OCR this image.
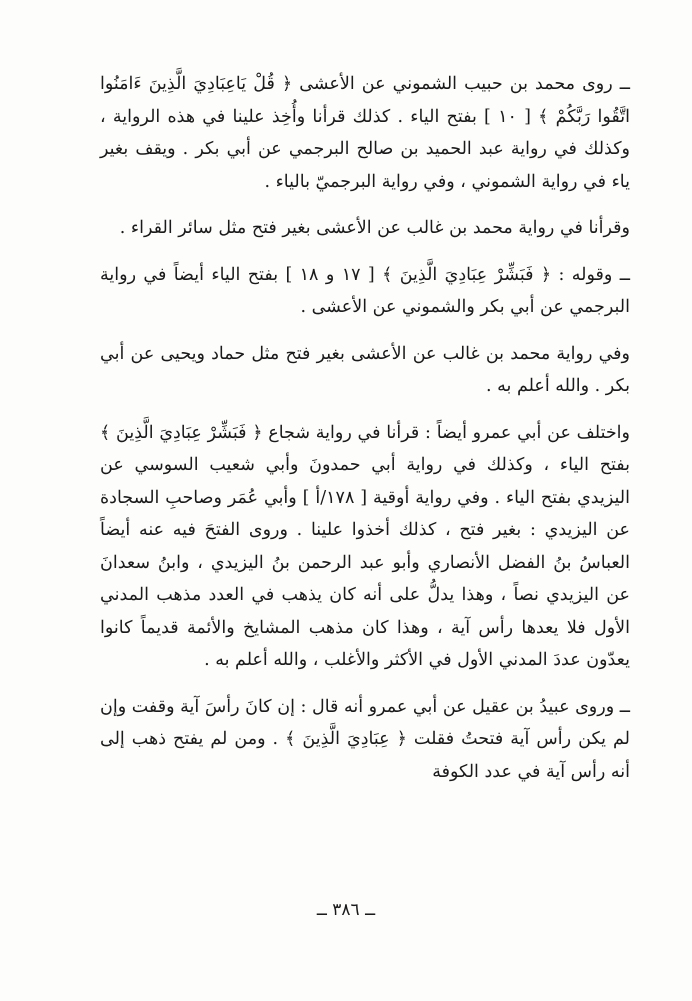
ــ روى محمد بن حبيب الشموني عن الأعشى ﴿ قُلْ يَاعِبَادِيَ الَّذِينَ ءَامَنُوا اتَّقُوا رَبَّكُمْ ﴾ [ ١٠ ] بفتح الياء . كذلك قرأنا وأُخِذ علينا في هذه الرواية ، وكذلك في رواية عبد الحميد بن صالح البرجمي عن أبي بكر . ويقف بغير ياء في رواية الشموني ، وفي رواية البرجميّ بالياء .

وقرأنا في رواية محمد بن غالب عن الأعشى بغير فتح مثل سائر القراء .

ــ وقوله : ﴿ فَبَشِّرْ عِبَادِيَ الَّذِينَ ﴾ [ ١٧ و ١٨ ] بفتح الياء أيضاً في رواية البرجمي عن أبي بكر والشموني عن الأعشى .

وفي رواية محمد بن غالب عن الأعشى بغير فتح مثل حماد ويحيى عن أبي بكر . والله أعلم به .

واختلف عن أبي عمرو أيضاً : قرأنا في رواية شجاع ﴿ فَبَشِّرْ عِبَادِيَ الَّذِينَ ﴾ بفتح الياء ، وكذلك في رواية أبي حمدونَ وأبي شعيب السوسي عن اليزيدي بفتح الياء . وفي رواية أوقية [ ١٧٨/أ ] وأبي عُمَر وصاحبِ السجادة عن اليزيدي : بغير فتح ، كذلك أخذوا علينا . وروى الفتحَ فيه عنه أيضاً العباسُ بنُ الفضل الأنصاري وأبو عبد الرحمن بنُ اليزيدي ، وابنُ سعدانَ عن اليزيدي نصاً ، وهذا يدلُّ على أنه كان يذهب في العدد مذهب المدني الأول فلا يعدها رأس آية ، وهذا كان مذهب المشايخ والأئمة قديماً كانوا يعدّون عددَ المدني الأول في الأكثر والأغلب ، والله أعلم به .

ــ وروى عبيدُ بن عقيل عن أبي عمرو أنه قال : إن كانَ رأسَ آية وقفت وإن لم يكن رأس آية فتحتُ فقلت ﴿ عِبَادِيَ الَّذِينَ ﴾ . ومن لم يفتح ذهب إلى أنه رأس آية في عدد الكوفة

ــ ٣٨٦ ــ
